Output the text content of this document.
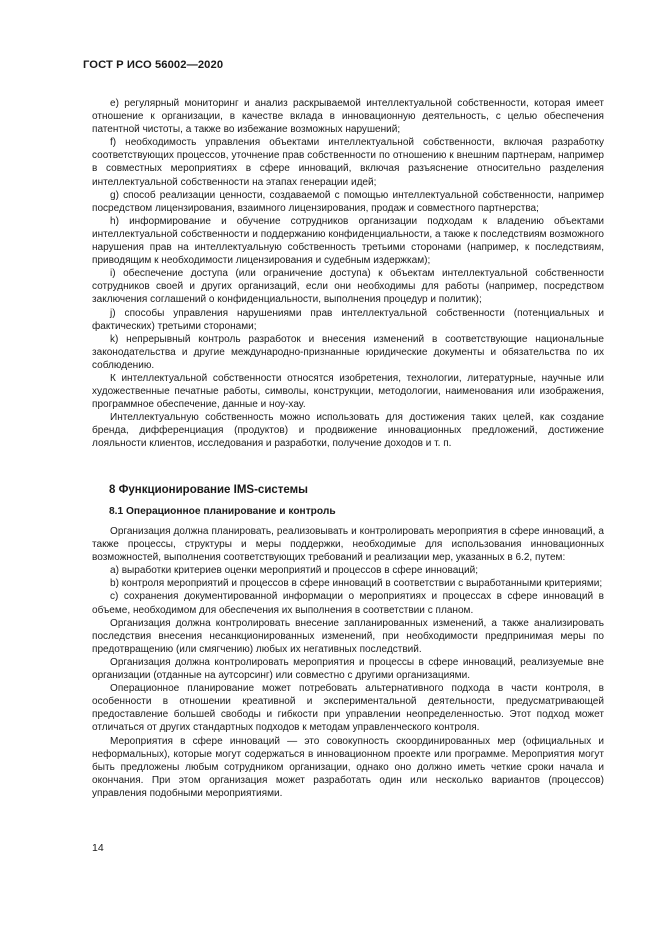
ГОСТ Р ИСО 56002—2020

e) регулярный мониторинг и анализ раскрываемой интеллектуальной собственности, которая имеет отношение к организации, в качестве вклада в инновационную деятельность, с целью обеспечения патентной чистоты, а также во избежание возможных нарушений;

f) необходимость управления объектами интеллектуальной собственности, включая разработку соответствующих процессов, уточнение прав собственности по отношению к внешним партнерам, например в совместных мероприятиях в сфере инноваций, включая разъяснение относительно разделения интеллектуальной собственности на этапах генерации идей;

g) способ реализации ценности, создаваемой с помощью интеллектуальной собственности, например посредством лицензирования, взаимного лицензирования, продаж и совместного партнерства;

h) информирование и обучение сотрудников организации подходам к владению объектами интеллектуальной собственности и поддержанию конфиденциальности, а также к последствиям возможного нарушения прав на интеллектуальную собственность третьими сторонами (например, к последствиям, приводящим к необходимости лицензирования и судебным издержкам);

i) обеспечение доступа (или ограничение доступа) к объектам интеллектуальной собственности сотрудников своей и других организаций, если они необходимы для работы (например, посредством заключения соглашений о конфиденциальности, выполнения процедур и политик);

j) способы управления нарушениями прав интеллектуальной собственности (потенциальных и фактических) третьими сторонами;

k) непрерывный контроль разработок и внесения изменений в соответствующие национальные законодательства и другие международно-признанные юридические документы и обязательства по их соблюдению.

К интеллектуальной собственности относятся изобретения, технологии, литературные, научные или художественные печатные работы, символы, конструкции, методологии, наименования или изображения, программное обеспечение, данные и ноу-хау.

Интеллектуальную собственность можно использовать для достижения таких целей, как создание бренда, дифференциация (продуктов) и продвижение инновационных предложений, достижение лояльности клиентов, исследования и разработки, получение доходов и т. п.

8 Функционирование IMS-системы
8.1 Операционное планирование и контроль

Организация должна планировать, реализовывать и контролировать мероприятия в сфере инноваций, а также процессы, структуры и меры поддержки, необходимые для использования инновационных возможностей, выполнения соответствующих требований и реализации мер, указанных в 6.2, путем:

a) выработки критериев оценки мероприятий и процессов в сфере инноваций;

b) контроля мероприятий и процессов в сфере инноваций в соответствии с выработанными критериями;

c) сохранения документированной информации о мероприятиях и процессах в сфере инноваций в объеме, необходимом для обеспечения их выполнения в соответствии с планом.

Организация должна контролировать внесение запланированных изменений, а также анализировать последствия внесения несанкционированных изменений, при необходимости предпринимая меры по предотвращению (или смягчению) любых их негативных последствий.

Организация должна контролировать мероприятия и процессы в сфере инноваций, реализуемые вне организации (отданные на аутсорсинг) или совместно с другими организациями.

Операционное планирование может потребовать альтернативного подхода в части контроля, в особенности в отношении креативной и экспериментальной деятельности, предусматривающей предоставление большей свободы и гибкости при управлении неопределенностью. Этот подход может отличаться от других стандартных подходов к методам управленческого контроля.

Мероприятия в сфере инноваций — это совокупность скоординированных мер (официальных и неформальных), которые могут содержаться в инновационном проекте или программе. Мероприятия могут быть предложены любым сотрудником организации, однако оно должно иметь четкие сроки начала и окончания. При этом организация может разработать один или несколько вариантов (процессов) управления подобными мероприятиями.

14
